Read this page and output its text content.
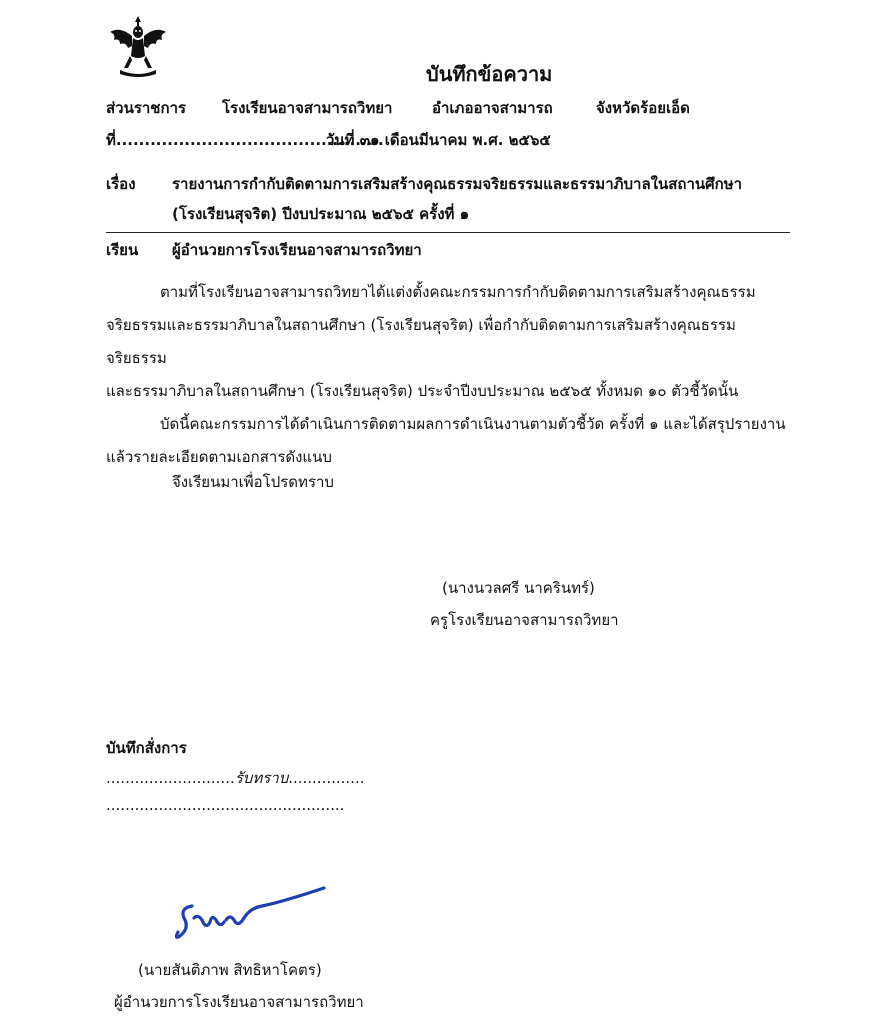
บันทึกข้อความ
ส่วนราชการ โรงเรียนอาจสามารถวิทยา	อำเภออาจสามารถ	จังหวัดร้อยเอ็ด
ที่...............................................
วันที่ ๓๑ เดือนมีนาคม พ.ศ. ๒๕๖๕
เรื่อง รายงานการกำกับติดตามการเสริมสร้างคุณธรรมจริยธรรมและธรรมาภิบาลในสถานศึกษา
(โรงเรียนสุจริต) ปีงบประมาณ ๒๕๖๕ ครั้งที่ ๑
เรียน ผู้อำนวยการโรงเรียนอาจสามารถวิทยา

ตามที่โรงเรียนอาจสามารถวิทยาได้แต่งตั้งคณะกรรมการกำกับติดตามการเสริมสร้างคุณธรรม

จริยธรรมและธรรมาภิบาลในสถานศึกษา (โรงเรียนสุจริต) เพื่อกำกับติดตามการเสริมสร้างคุณธรรมจริยธรรม

และธรรมาภิบาลในสถานศึกษา (โรงเรียนสุจริต) ประจำปีงบประมาณ ๒๕๖๕ ทั้งหมด ๑๐ ตัวชี้วัดนั้น

บัดนี้คณะกรรมการได้ดำเนินการติดตามผลการดำเนินงานตามตัวชี้วัด ครั้งที่ ๑ และได้สรุปรายงาน

แล้วรายละเอียดตามเอกสารดังแนบ

จึงเรียนมาเพื่อโปรดทราบ
(นางนวลศรี นาครินทร์)
ครูโรงเรียนอาจสามารถวิทยา
บันทึกสั่งการ
...........................รับทราบ................
..................................................
(นายสันติภาพ สิทธิหาโคตร)
ผู้อำนวยการโรงเรียนอาจสามารถวิทยา
